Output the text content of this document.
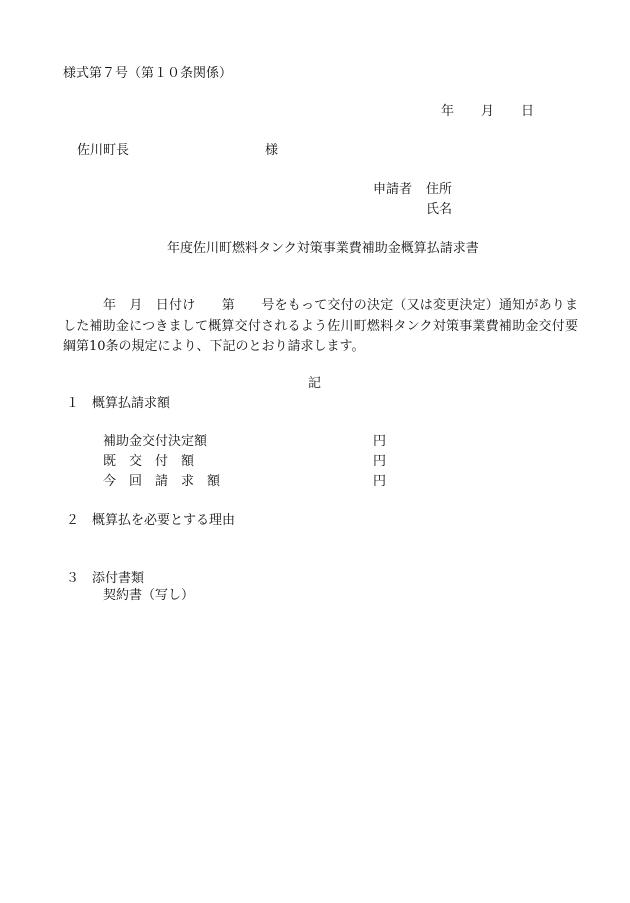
様式第７号（第１０条関係）
年 月 日
佐川町長	様
申請者 住所
氏名
年度佐川町燃料タンク対策事業費補助金概算払請求書
年　月　日付け　　第　　号をもって交付の決定（又は変更決定）通知がありました補助金につきまして概算交付されるよう佐川町燃料タンク対策事業費補助金交付要綱第10条の規定により、下記のとおり請求します。
記
１　概算払請求額
補助金交付決定額	円
既　交　付　額	円
今　回　請　求　額	円
２　概算払を必要とする理由
３　添付書類
契約書（写し）
